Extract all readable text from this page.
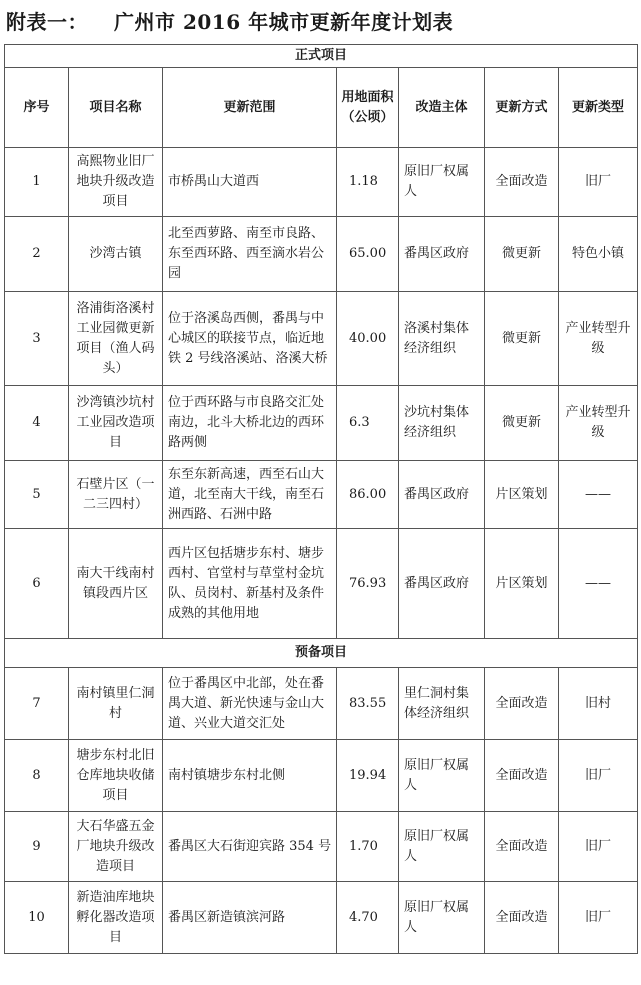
附表一： 广州市 2016 年城市更新年度计划表
正式项目						
序号	项目名称	更新范围	用地面积（公顷）	改造主体	更新方式	更新类型
1	高熙物业旧厂地块升级改造项目	市桥禺山大道西	1.18	原旧厂权属人	全面改造	旧厂
2	沙湾古镇	北至西萝路、南至市良路、东至西环路、西至滴水岩公园	65.00	番禺区政府	微更新	特色小镇
3	洛浦街洛溪村工业园微更新项目（渔人码头）	位于洛溪岛西侧，番禺与中心城区的联接节点，临近地铁 2 号线洛溪站、洛溪大桥	40.00	洛溪村集体经济组织	微更新	产业转型升级
4	沙湾镇沙坑村工业园改造项目	位于西环路与市良路交汇处南边，北斗大桥北边的西环路两侧	6.3	沙坑村集体经济组织	微更新	产业转型升级
5	石壁片区（一二三四村）	东至东新高速，西至石山大道，北至南大干线，南至石洲西路、石洲中路	86.00	番禺区政府	片区策划	——
6	南大干线南村镇段西片区	西片区包括塘步东村、塘步西村、官堂村与草堂村金坑队、员岗村、新基村及条件成熟的其他用地	76.93	番禺区政府	片区策划	——
预备项目						
7	南村镇里仁洞村	位于番禺区中北部，处在番禺大道、新光快速与金山大道、兴业大道交汇处	83.55	里仁洞村集体经济组织	全面改造	旧村
8	塘步东村北旧仓库地块收储项目	南村镇塘步东村北侧	19.94	原旧厂权属人	全面改造	旧厂
9	大石华盛五金厂地块升级改造项目	番禺区大石街迎宾路 354 号	1.70	原旧厂权属人	全面改造	旧厂
10	新造油库地块孵化器改造项目	番禺区新造镇滨河路	4.70	原旧厂权属人	全面改造	旧厂
